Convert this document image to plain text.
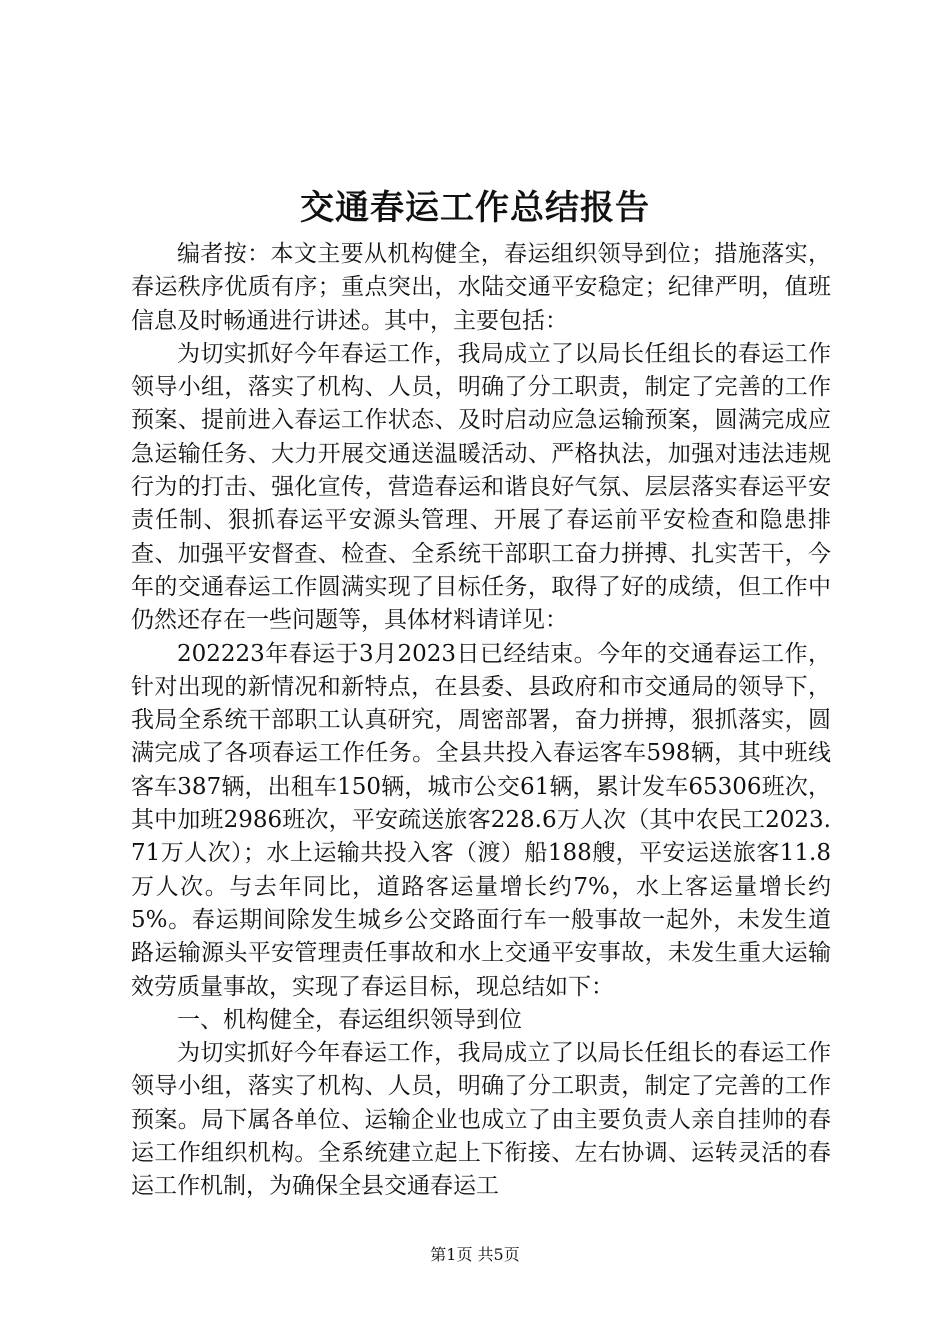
交通春运工作总结报告

编者按：本文主要从机构健全，春运组织领导到位；措施落实，春运秩序优质有序；重点突出，水陆交通平安稳定；纪律严明，值班信息及时畅通进行讲述。其中，主要包括：

为切实抓好今年春运工作，我局成立了以局长任组长的春运工作领导小组，落实了机构、人员，明确了分工职责，制定了完善的工作预案、提前进入春运工作状态、及时启动应急运输预案，圆满完成应急运输任务、大力开展交通送温暖活动、严格执法，加强对违法违规行为的打击、强化宣传，营造春运和谐良好气氛、层层落实春运平安责任制、狠抓春运平安源头管理、开展了春运前平安检查和隐患排查、加强平安督查、检查、全系统干部职工奋力拼搏、扎实苦干，今年的交通春运工作圆满实现了目标任务，取得了好的成绩，但工作中仍然还存在一些问题等，具体材料请详见：

202223年春运于3月2023日已经结束。今年的交通春运工作，针对出现的新情况和新特点，在县委、县政府和市交通局的领导下，我局全系统干部职工认真研究，周密部署，奋力拼搏，狠抓落实，圆满完成了各项春运工作任务。全县共投入春运客车598辆，其中班线客车387辆，出租车150辆，城市公交61辆，累计发车65306班次，其中加班2986班次，平安疏送旅客228.6万人次（其中农民工2023.71万人次）；水上运输共投入客（渡）船188艘，平安运送旅客11.8万人次。与去年同比，道路客运量增长约7%，水上客运量增长约5%。春运期间除发生城乡公交路面行车一般事故一起外，未发生道路运输源头平安管理责任事故和水上交通平安事故，未发生重大运输效劳质量事故，实现了春运目标，现总结如下：

一、机构健全，春运组织领导到位

为切实抓好今年春运工作，我局成立了以局长任组长的春运工作领导小组，落实了机构、人员，明确了分工职责，制定了完善的工作预案。局下属各单位、运输企业也成立了由主要负责人亲自挂帅的春运工作组织机构。全系统建立起上下衔接、左右协调、运转灵活的春运工作机制，为确保全县交通春运工

第1页 共5页
